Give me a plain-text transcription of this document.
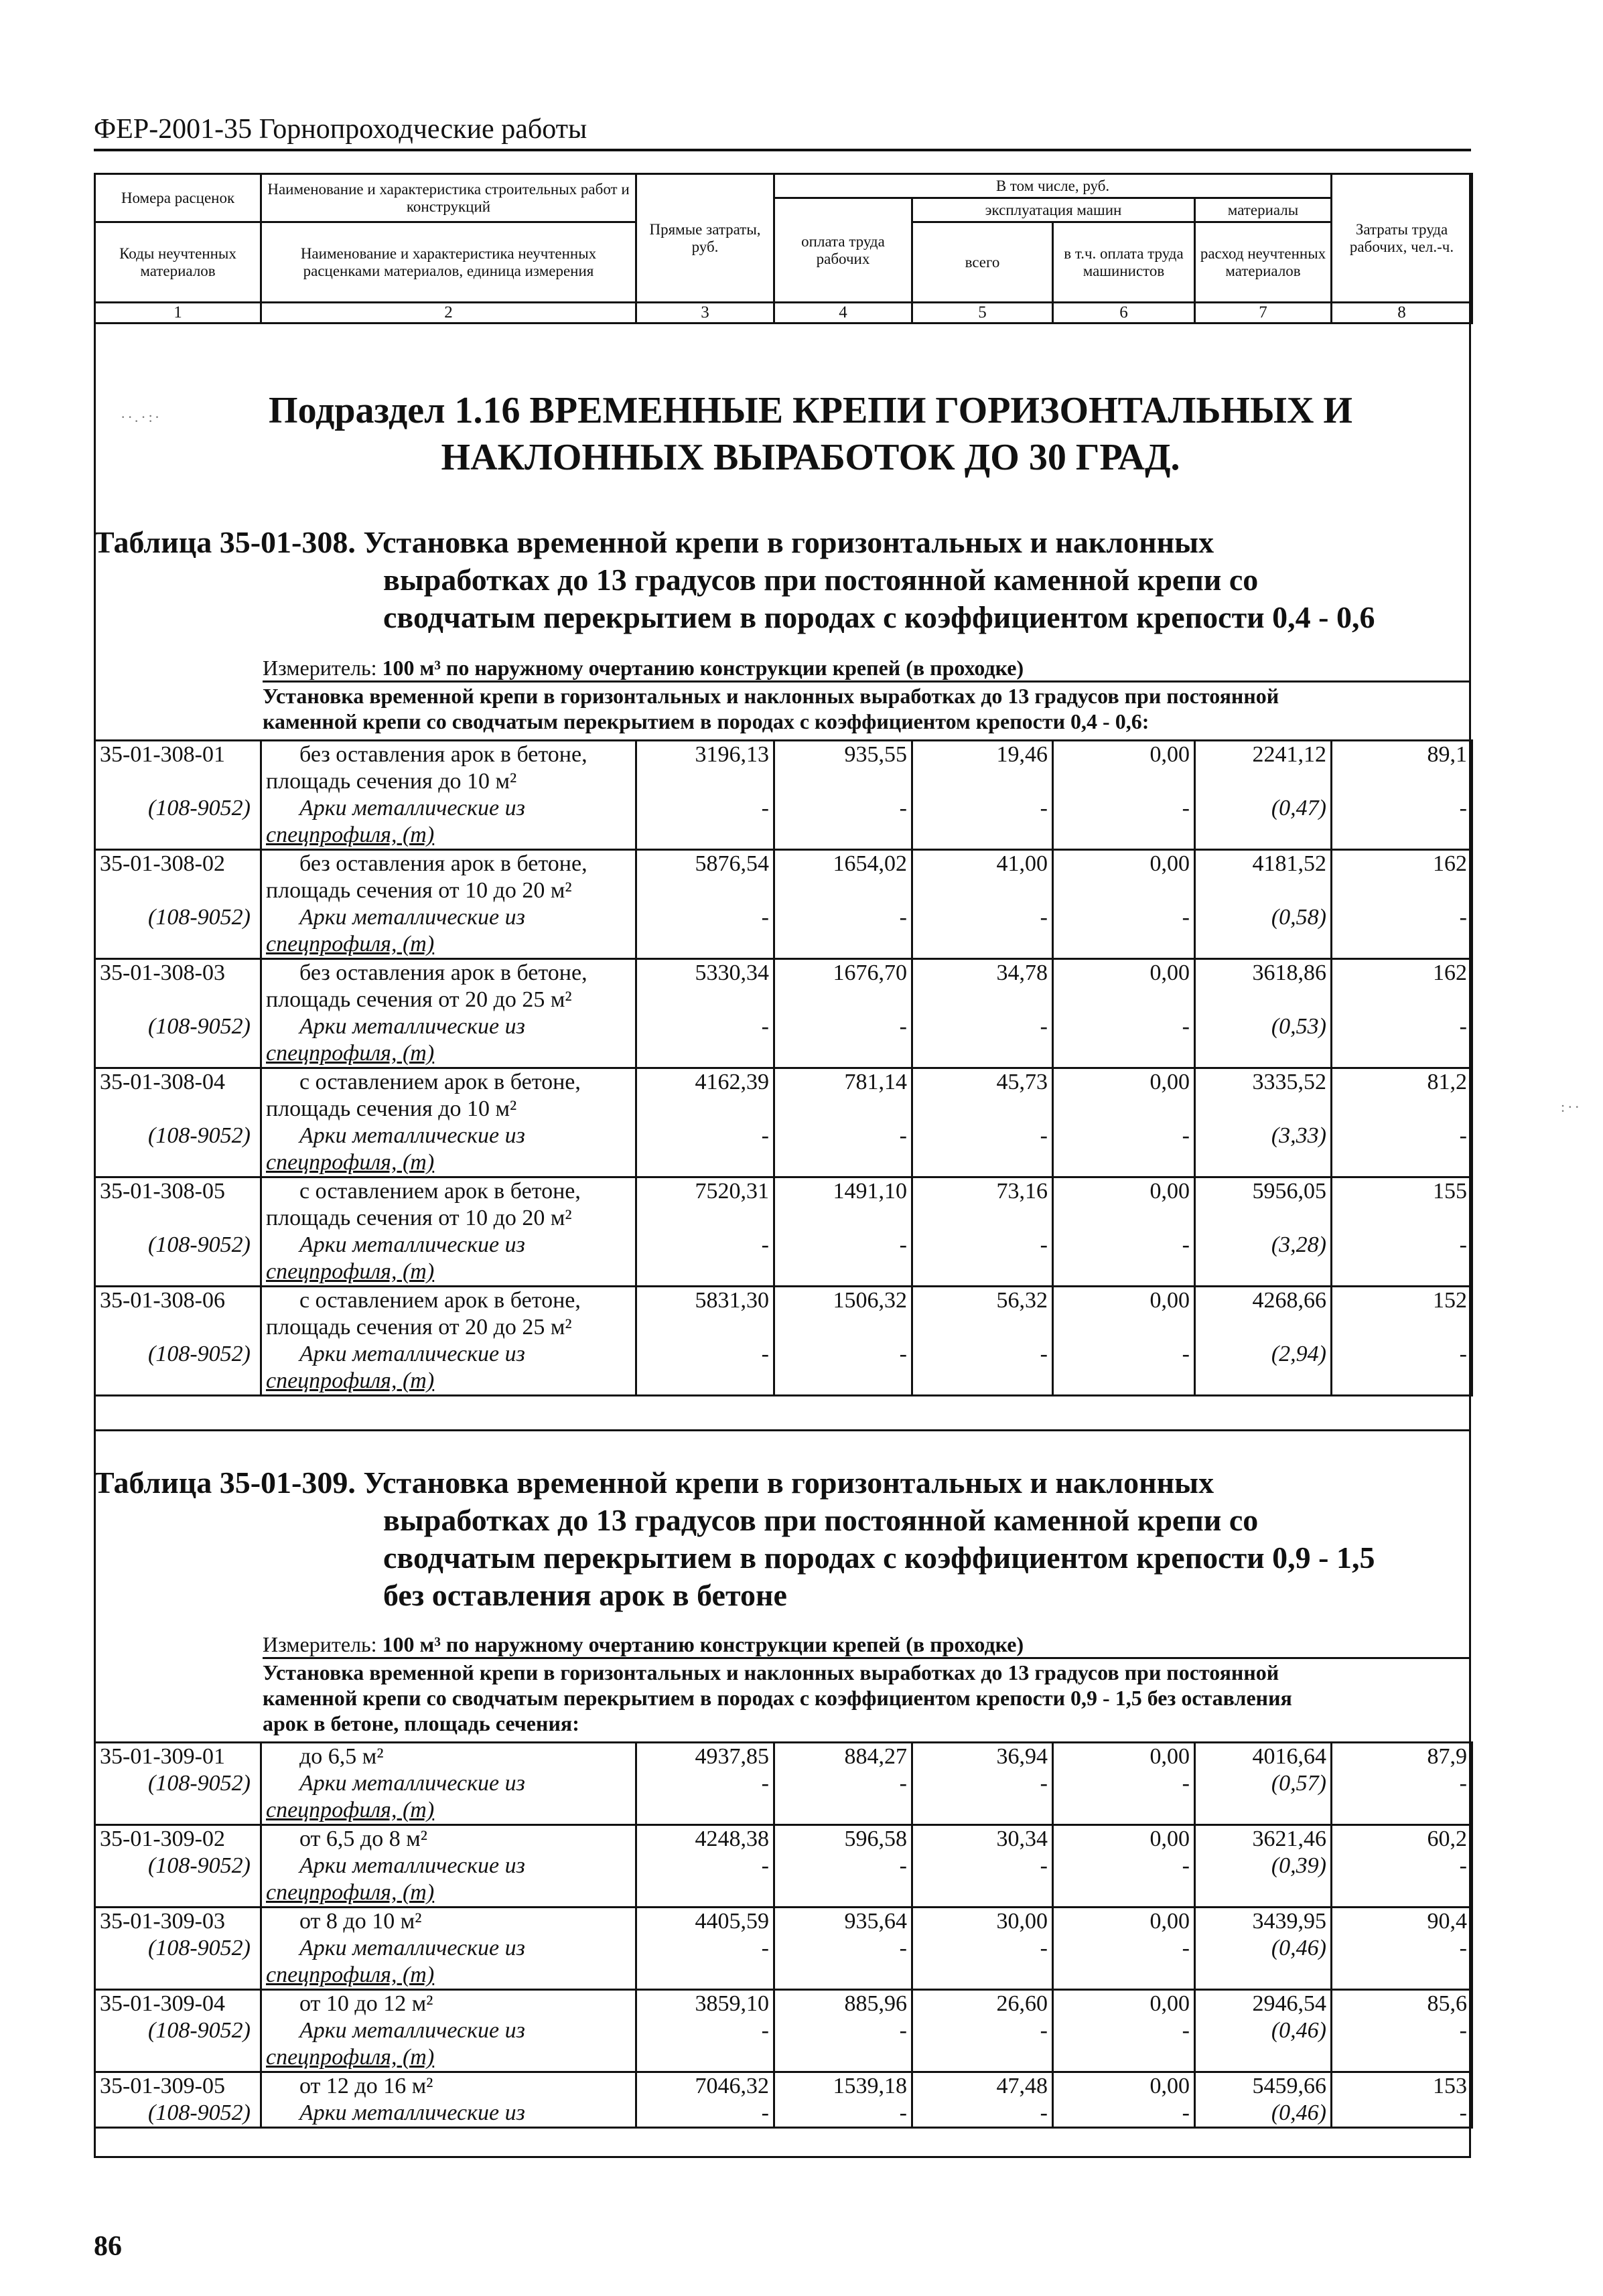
ФЕР-2001-35 Горнопроходческие работы
Номера расценок	Наименование и характеристика строительных работ и конструкций	Прямые затраты, руб.	В том числе, руб.				Затраты труда рабочих, чел.-ч.
			оплата труда рабочих	эксплуатация машин		материалы	
Коды неучтенных материалов	Наименование и характеристика неучтенных расценками материалов, единица измерения			всего	в т.ч. оплата труда машинистов	расход неучтенных материалов	

1	2	3	4	5	6	7	8
Подраздел 1.16 ВРЕМЕННЫЕ КРЕПИ ГОРИЗОНТАЛЬНЫХ И
НАКЛОННЫХ ВЫРАБОТОК ДО 30 ГРАД.
Таблица 35-01-308. Установка временной крепи в горизонтальных и наклонных
выработках до 13 градусов при постоянной каменной крепи со
сводчатым перекрытием в породах с коэффициентом крепости 0,4 - 0,6
Измеритель: 100 м³ по наружному очертанию конструкции крепей (в проходке)
Установка временной крепи в горизонтальных и наклонных выработках до 13 градусов при постоянной
каменной крепи со сводчатым перекрытием в породах с коэффициентом крепости 0,4 - 0,6:
35-01-308-01	без оставления арок в бетоне,
площадь сечения до 10 м²	3196,13	935,55	19,46	0,00	2241,12	89,1
(108-9052)	Арки металлические из
спецпрофиля, (т)	-	-	-	-	(0,47)	-
35-01-308-02	без оставления арок в бетоне,
площадь сечения от 10 до 20 м²	5876,54	1654,02	41,00	0,00	4181,52	162
(108-9052)	Арки металлические из
спецпрофиля, (т)	-	-	-	-	(0,58)	-
35-01-308-03	без оставления арок в бетоне,
площадь сечения от 20 до 25 м²	5330,34	1676,70	34,78	0,00	3618,86	162
(108-9052)	Арки металлические из
спецпрофиля, (т)	-	-	-	-	(0,53)	-
35-01-308-04	с оставлением арок в бетоне,
площадь сечения до 10 м²	4162,39	781,14	45,73	0,00	3335,52	81,2
(108-9052)	Арки металлические из
спецпрофиля, (т)	-	-	-	-	(3,33)	-
35-01-308-05	с оставлением арок в бетоне,
площадь сечения от 10 до 20 м²	7520,31	1491,10	73,16	0,00	5956,05	155
(108-9052)	Арки металлические из
спецпрофиля, (т)	-	-	-	-	(3,28)	-
35-01-308-06	с оставлением арок в бетоне,
площадь сечения от 20 до 25 м²	5831,30	1506,32	56,32	0,00	4268,66	152
(108-9052)	Арки металлические из
спецпрофиля, (т)	-	-	-	-	(2,94)	-
Таблица 35-01-309. Установка временной крепи в горизонтальных и наклонных
выработках до 13 градусов при постоянной каменной крепи со
сводчатым перекрытием в породах с коэффициентом крепости 0,9 - 1,5
без оставления арок в бетоне
Измеритель: 100 м³ по наружному очертанию конструкции крепей (в проходке)
Установка временной крепи в горизонтальных и наклонных выработках до 13 градусов при постоянной
каменной крепи со сводчатым перекрытием в породах с коэффициентом крепости 0,9 - 1,5 без оставления
арок в бетоне, площадь сечения:
35-01-309-01	до 6,5 м²	4937,85	884,27	36,94	0,00	4016,64	87,9
(108-9052)	Арки металлические из
спецпрофиля, (т)	-	-	-	-	(0,57)	-
35-01-309-02	от 6,5 до 8 м²	4248,38	596,58	30,34	0,00	3621,46	60,2
(108-9052)	Арки металлические из
спецпрофиля, (т)	-	-	-	-	(0,39)	-
35-01-309-03	от 8 до 10 м²	4405,59	935,64	30,00	0,00	3439,95	90,4
(108-9052)	Арки металлические из
спецпрофиля, (т)	-	-	-	-	(0,46)	-
35-01-309-04	от 10 до 12 м²	3859,10	885,96	26,60	0,00	2946,54	85,6
(108-9052)	Арки металлические из
спецпрофиля, (т)	-	-	-	-	(0,46)	-
35-01-309-05	от 12 до 16 м²	7046,32	1539,18	47,48	0,00	5459,66	153
(108-9052)	Арки металлические из	-	-	-	-	(0,46)	-
86
·∙.·:∙
:·∙
